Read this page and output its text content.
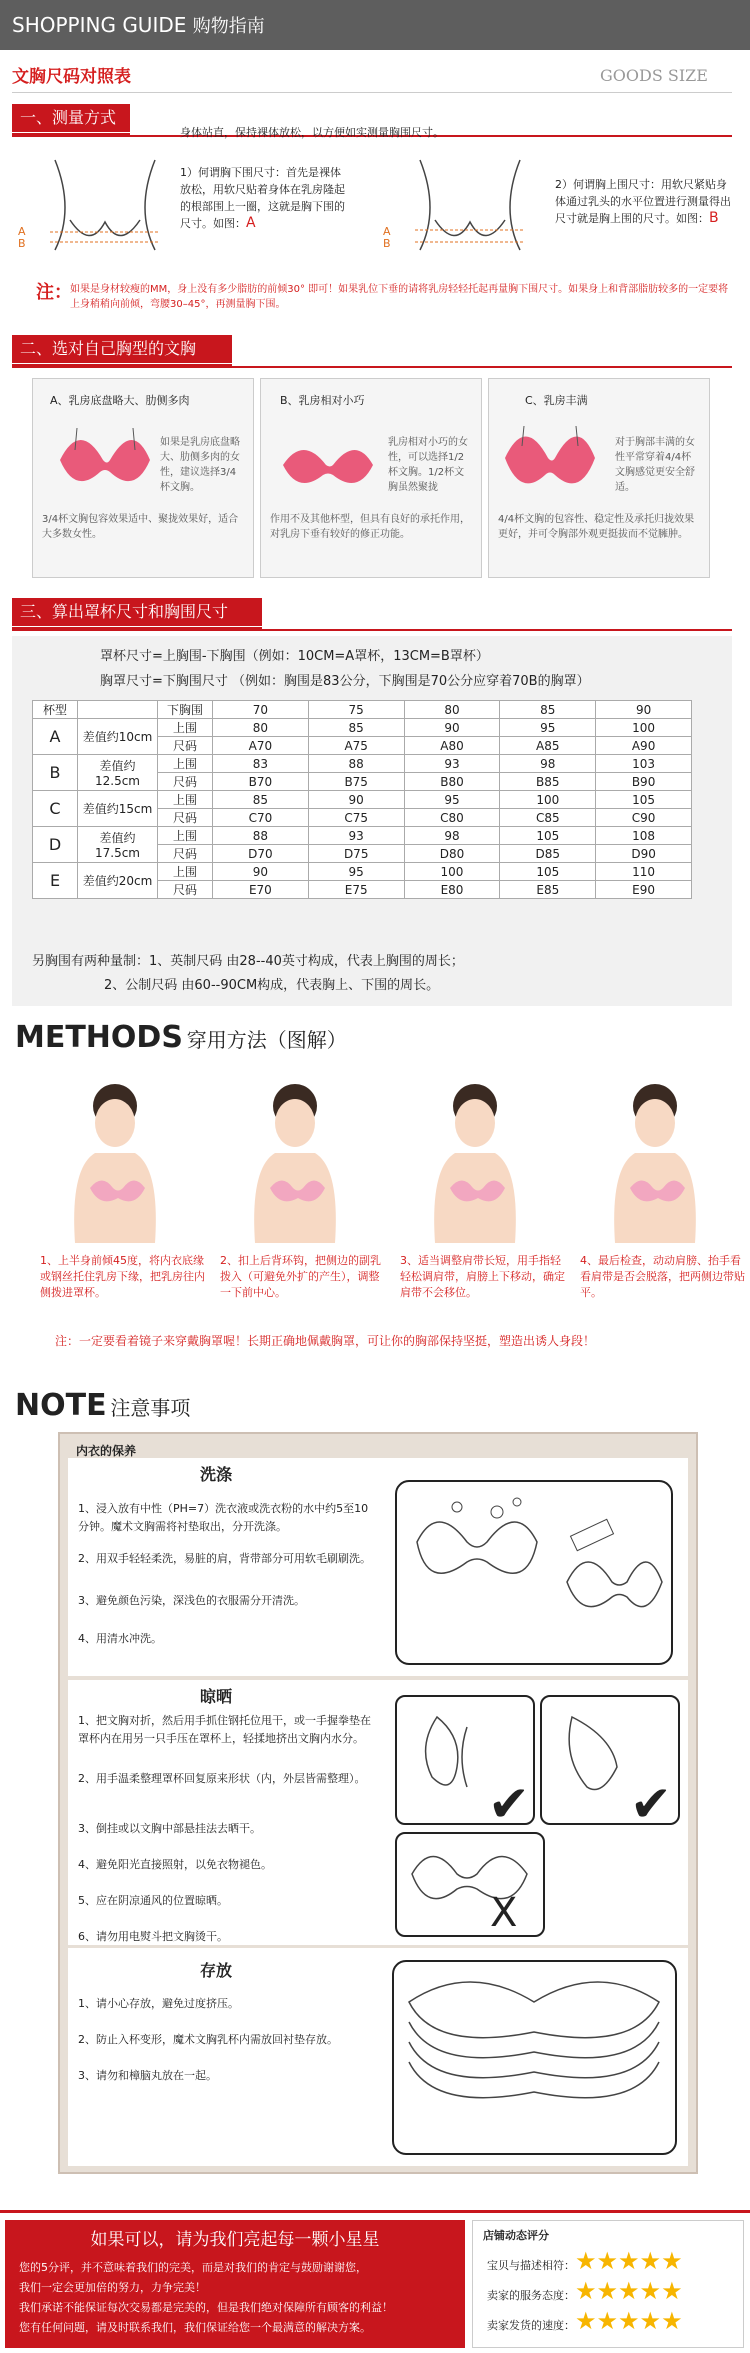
SHOPPING GUIDE 购物指南
文胸尺码对照表	GOODS SIZE
一、测量方式
身体站直，保持裸体放松，以方便如实测量胸围尺寸。
A
B
1）何谓胸下围尺寸：首先是裸体放松，用软尺贴着身体在乳房隆起的根部围上一圈，这就是胸下围的尺寸。如图：A
A
B
2）何谓胸上围尺寸：用软尺紧贴身体通过乳头的水平位置进行测量得出尺寸就是胸上围的尺寸。如图：B
注：
如果是身材较瘦的MM，身上没有多少脂肪的前倾30° 即可！如果乳位下垂的请将乳房轻轻托起再量胸下围尺寸。如果身上和背部脂肪较多的一定要将上身稍稍向前倾，弯腰30–45°，再测量胸下围。
二、选对自己胸型的文胸
A、乳房底盘略大、肋侧多肉	B、乳房相对小巧	C、乳房丰满
如果是乳房底盘略大、肋侧多肉的女性，建议选择3/4杯文胸。
乳房相对小巧的女性，可以选择1/2杯文胸。1/2杯文胸虽然聚拢
对于胸部丰满的女性平常穿着4/4杯文胸感觉更安全舒适。
3/4杯文胸包容效果适中、聚拢效果好，适合大多数女性。
作用不及其他杯型，但具有良好的承托作用，对乳房下垂有较好的修正功能。
4/4杯文胸的包容性、稳定性及承托归拢效果更好，并可令胸部外观更挺拔而不觉臃肿。
三、算出罩杯尺寸和胸围尺寸
罩杯尺寸=上胸围-下胸围（例如：10CM=A罩杯，13CM=B罩杯）
胸罩尺寸=下胸围尺寸 （例如：胸围是83公分，下胸围是70公分应穿着70B的胸罩）
杯型		下胸围	70	75	80	85	90
A	差值约10cm	上围	80	85	90	95	100
		尺码	A70	A75	A80	A85	A90
B	差值约12.5cm	上围	83	88	93	98	103
		尺码	B70	B75	B80	B85	B90
C	差值约15cm	上围	85	90	95	100	105
		尺码	C70	C75	C80	C85	C90
D	差值约17.5cm	上围	88	93	98	105	108
		尺码	D70	D75	D80	D85	D90
E	差值约20cm	上围	90	95	100	105	110
		尺码	E70	E75	E80	E85	E90
另胸围有两种量制：1、英制尺码 由28--40英寸构成，代表上胸围的周长；
2、公制尺码 由60--90CM构成，代表胸上、下围的周长。
METHODS 穿用方法（图解）
1、上半身前倾45度，将内衣底缘或钢丝托住乳房下缘，把乳房往内侧拨进罩杯。
2、扣上后背环钩，把侧边的副乳拨入（可避免外扩的产生），调整一下前中心。
3、适当调整肩带长短，用手指轻轻松调肩带，肩膀上下移动，确定肩带不会移位。
4、最后检查，动动肩膀、抬手看看肩带是否会脱落，把两侧边带贴平。
注：一定要看着镜子来穿戴胸罩喔！长期正确地佩戴胸罩，可让你的胸部保持坚挺，塑造出诱人身段！
NOTE 注意事项
内衣的保养
洗涤
1、浸入放有中性（PH=7）洗衣液或洗衣粉的水中约5至10分钟。魔术文胸需将衬垫取出，分开洗涤。
2、用双手轻轻柔洗，易脏的肩，背带部分可用软毛刷刷洗。
3、避免颜色污染，深浅色的衣服需分开清洗。
4、用清水冲洗。
晾晒
1、把文胸对折，然后用手抓住钢托位甩干，或一手握拳垫在罩杯内在用另一只手压在罩杯上，轻揉地挤出文胸内水分。
2、用手温柔整理罩杯回复原来形状（内，外层皆需整理）。
3、倒挂或以文胸中部悬挂法去晒干。
4、避免阳光直接照射，以免衣物褪色。
5、应在阴凉通风的位置晾晒。
6、请勿用电熨斗把文胸烫干。
✔ ✔
X
存放
1、请小心存放，避免过度挤压。
2、防止入杯变形，魔术文胸乳杯内需放回衬垫存放。
3、请勿和樟脑丸放在一起。
如果可以，请为我们亮起每一颗小星星
您的5分评，并不意味着我们的完美，而是对我们的肯定与鼓励谢谢您，
我们一定会更加倍的努力，力争完美！
我们承诺不能保证每次交易都是完美的，但是我们绝对保障所有顾客的利益！
您有任何问题，请及时联系我们，我们保证给您一个最满意的解决方案。
店铺动态评分
宝贝与描述相符：★★★★★
卖家的服务态度：★★★★★
卖家发货的速度：★★★★★
